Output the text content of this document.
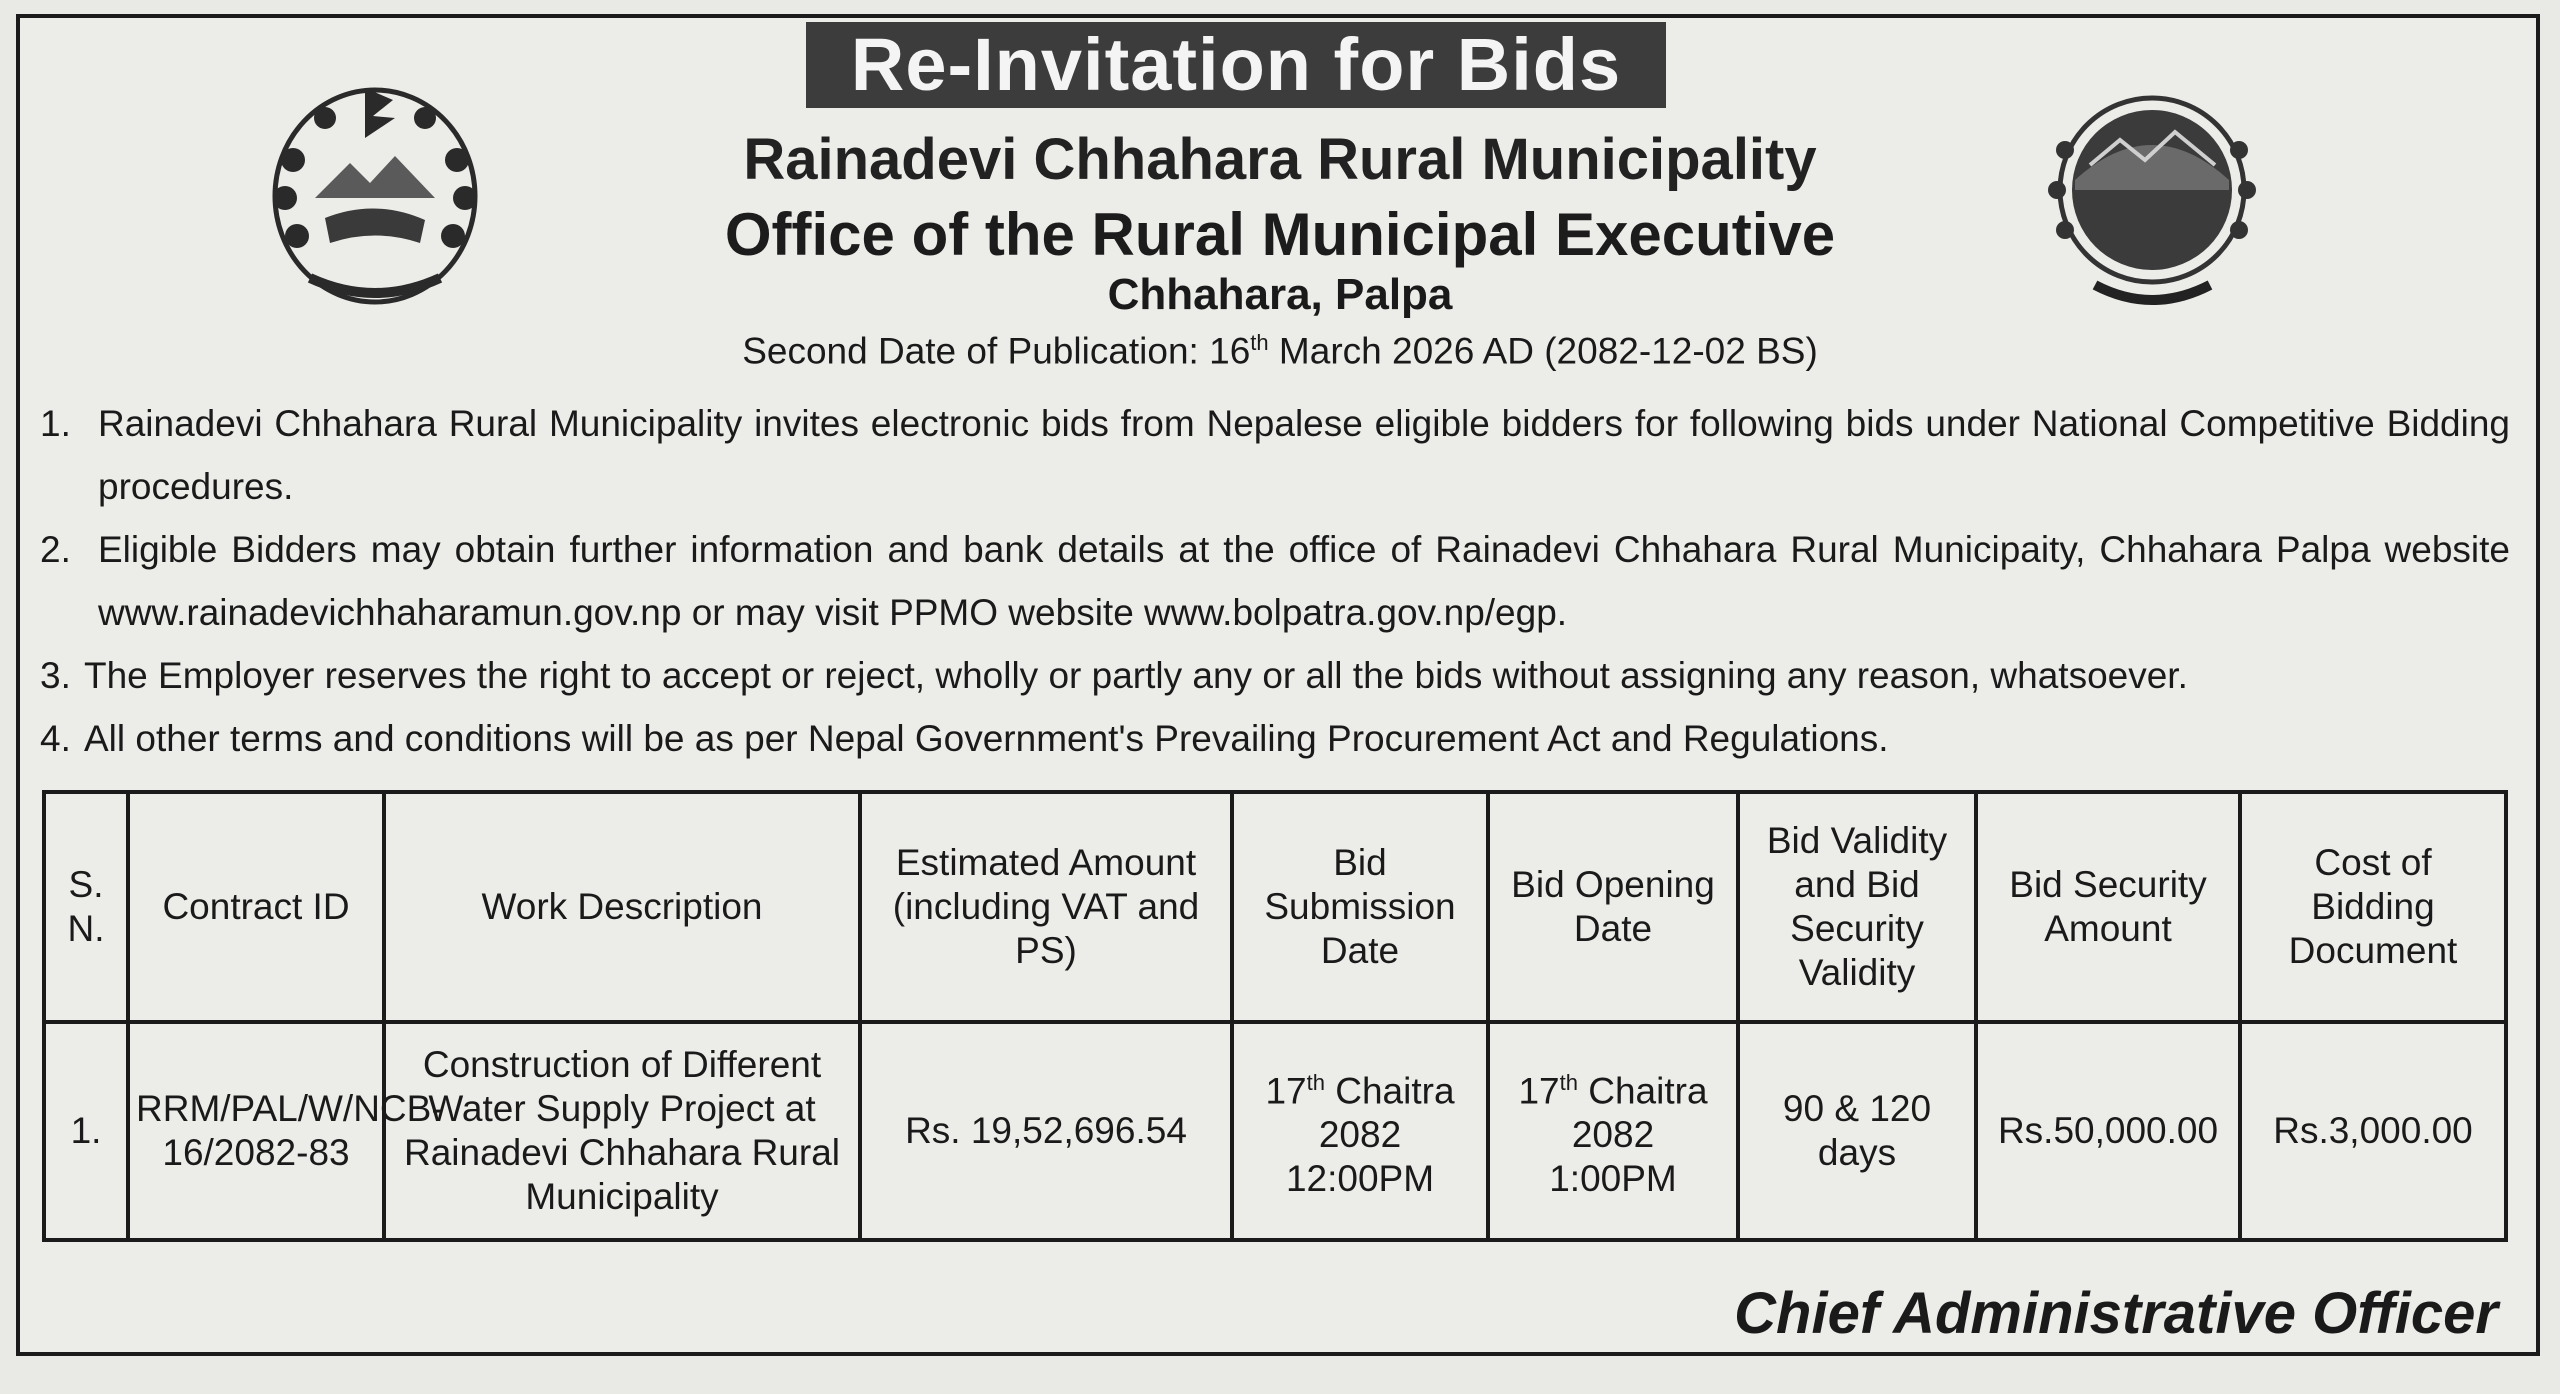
Re-Invitation for Bids
Rainadevi Chhahara Rural Municipality
Office of the Rural Municipal Executive
Chhahara, Palpa
Second Date of Publication: 16th March 2026 AD (2082-12-02 BS)
1. Rainadevi Chhahara Rural Municipality invites electronic bids from Nepalese eligible bidders for following bids under National Competitive Bidding procedures.
2. Eligible Bidders may obtain further information and bank details at the office of Rainadevi Chhahara Rural Municipaity, Chhahara Palpa website www.rainadevichhaharamun.gov.np or may visit PPMO website www.bolpatra.gov.np/egp.
3. The Employer reserves the right to accept or reject, wholly or partly any or all the bids without assigning any reason, whatsoever.
4. All other terms and conditions will be as per Nepal Government's Prevailing Procurement Act and Regulations.
S. N.	Contract ID	Work Description	Estimated Amount (including VAT and PS)	Bid Submission Date	Bid Opening Date	Bid Validity and Bid Security Validity	Bid Security Amount	Cost of Bidding Document
1.	RRM/PAL/W/NCB-16/2082-83	Construction of Different Water Supply Project at Rainadevi Chhahara Rural Municipality	Rs. 19,52,696.54	17th Chaitra
2082
12:00PM	17th Chaitra
2082
1:00PM	90 & 120 days	Rs.50,000.00	Rs.3,000.00
Chief Administrative Officer
